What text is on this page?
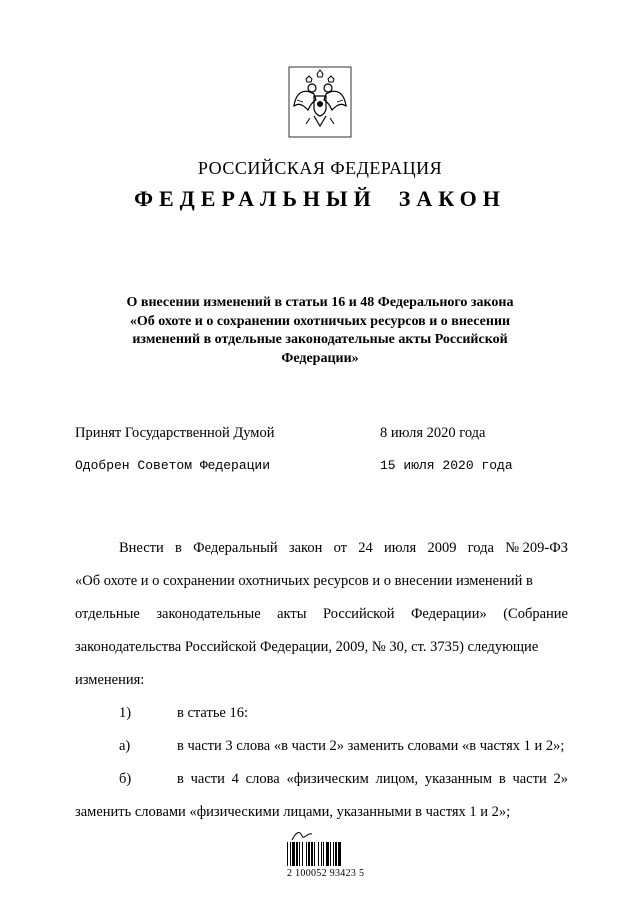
РОССИЙСКАЯ ФЕДЕРАЦИЯ
ФЕДЕРАЛЬНЫЙ ЗАКОН
О внесении изменений в статьи 16 и 48 Федерального закона
«Об охоте и о сохранении охотничьих ресурсов и о внесении
изменений в отдельные законодательные акты Российской
Федерации»
Принят Государственной Думой	8 июля 2020 года
Одобрен Советом Федерации	15 июля 2020 года
Внести в Федеральный закон от 24 июля 2009 года № 209-ФЗ
«Об охоте и о сохранении охотничьих ресурсов и о внесении изменений в
отдельные законодательные акты Российской Федерации» (Собрание
законодательства Российской Федерации, 2009, № 30, ст. 3735) следующие
изменения:
1)	в статье 16:
а)	в части 3 слова «в части 2» заменить словами «в частях 1 и 2»;
б)	в части 4 слова «физическим лицом, указанным в части 2»
заменить словами «физическими лицами, указанными в частях 1 и 2»;
2 100052 93423 5
